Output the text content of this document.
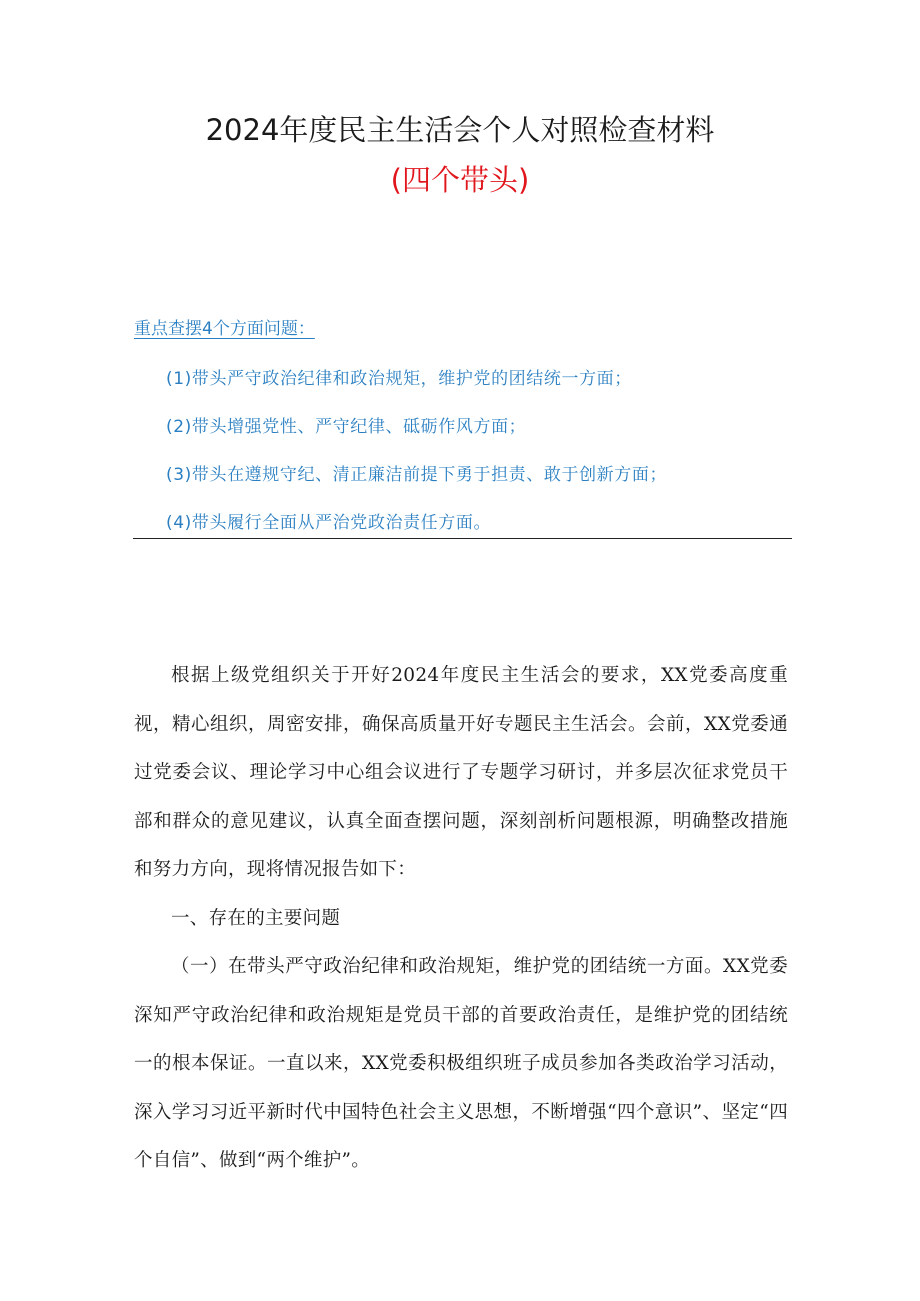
2024年度民主生活会个人对照检查材料
(四个带头)
重点查摆4个方面问题：
(1)带头严守政治纪律和政治规矩，维护党的团结统一方面；
(2)带头增强党性、严守纪律、砥砺作风方面；
(3)带头在遵规守纪、清正廉洁前提下勇于担责、敢于创新方面；
(4)带头履行全面从严治党政治责任方面。

根据上级党组织关于开好2024年度民主生活会的要求，XX党委高度重视，精心组织，周密安排，确保高质量开好专题民主生活会。会前，XX党委通过党委会议、理论学习中心组会议进行了专题学习研讨，并多层次征求党员干部和群众的意见建议，认真全面查摆问题，深刻剖析问题根源，明确整改措施和努力方向，现将情况报告如下：

一、存在的主要问题

（一）在带头严守政治纪律和政治规矩，维护党的团结统一方面。XX党委深知严守政治纪律和政治规矩是党员干部的首要政治责任，是维护党的团结统一的根本保证。一直以来，XX党委积极组织班子成员参加各类政治学习活动，深入学习习近平新时代中国特色社会主义思想，不断增强“四个意识”、坚定“四个自信”、做到“两个维护”。
